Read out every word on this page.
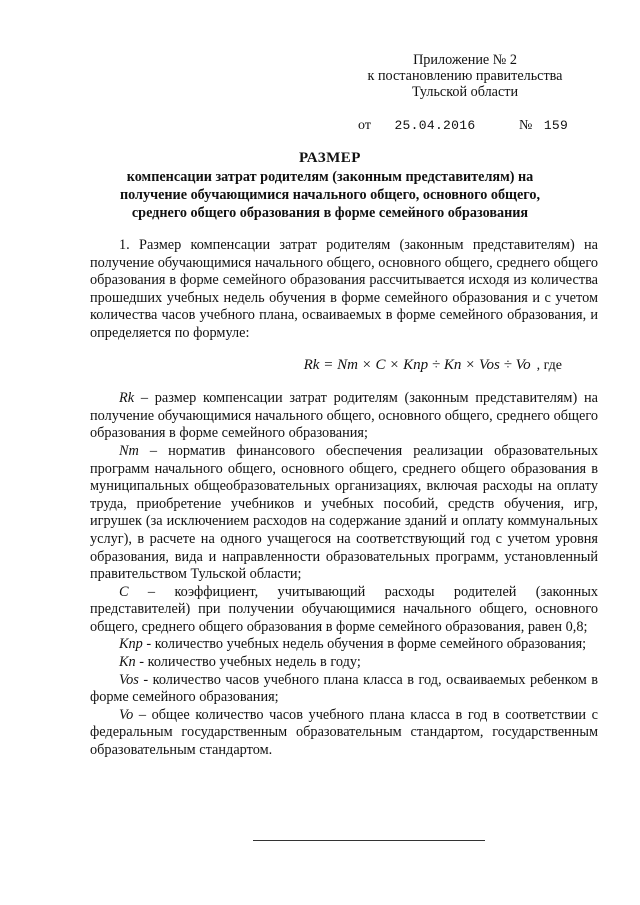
Приложение № 2
к постановлению правительства
Тульской области
от 25.04.2016	№ 159
РАЗМЕР
компенсации затрат родителям (законным представителям) на
получение обучающимися начального общего, основного общего,
среднего общего образования в форме семейного образования

1. Размер компенсации затрат родителям (законным представителям) на получение обучающимися начального общего, основного общего, среднего общего образования в форме семейного образования рассчитывается исходя из количества прошедших учебных недель обучения в форме семейного образования и с учетом количества часов учебного плана, осваиваемых в форме семейного образования, и определяется по формуле:

Rk = Nm × C × Kпр ÷ Kп × Vos ÷ Vo , где

Rk – размер компенсации затрат родителям (законным представителям) на получение обучающимися начального общего, основного общего, среднего общего образования в форме семейного образования;

Nm – норматив финансового обеспечения реализации образовательных программ начального общего, основного общего, среднего общего образования в муниципальных общеобразовательных организациях, включая расходы на оплату труда, приобретение учебников и учебных пособий, средств обучения, игр, игрушек (за исключением расходов на содержание зданий и оплату коммунальных услуг), в расчете на одного учащегося на соответствующий год с учетом уровня образования, вида и направленности образовательных программ, установленный правительством Тульской области;

C – коэффициент, учитывающий расходы родителей (законных представителей) при получении обучающимися начального общего, основного общего, среднего общего образования в форме семейного образования, равен 0,8;

Kпр - количество учебных недель обучения в форме семейного образования;

Kп - количество учебных недель в году;

Vos - количество часов учебного плана класса в год, осваиваемых ребенком в форме семейного образования;

Vo – общее количество часов учебного плана класса в год в соответствии с федеральным государственным образовательным стандартом, государственным образовательным стандартом.
